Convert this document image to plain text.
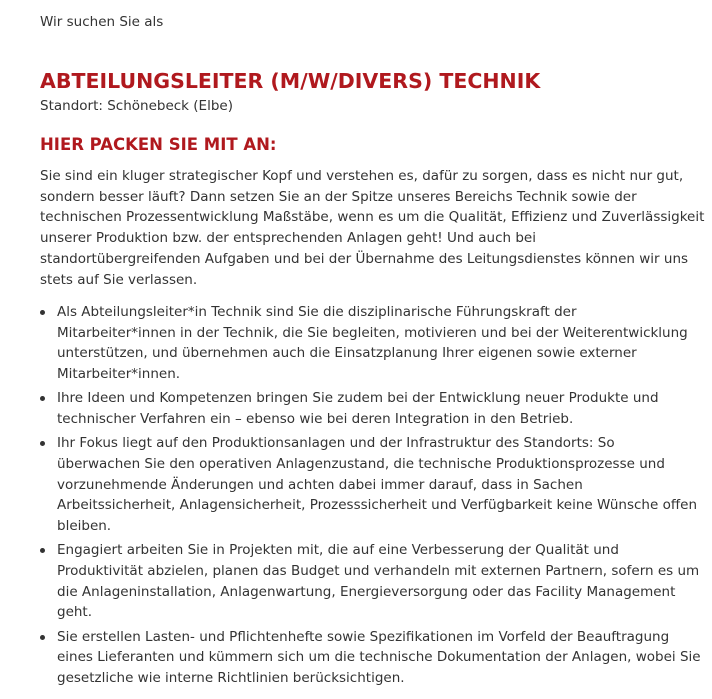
Wir suchen Sie als
ABTEILUNGSLEITER (M/W/DIVERS) TECHNIK
Standort: Schönebeck (Elbe)
HIER PACKEN SIE MIT AN:

Sie sind ein kluger strategischer Kopf und verstehen es, dafür zu sorgen, dass es nicht nur gut,
sondern besser läuft? Dann setzen Sie an der Spitze unseres Bereichs Technik sowie der
technischen Prozessentwicklung Maßstäbe, wenn es um die Qualität, Effizienz und Zuverlässigkeit
unserer Produktion bzw. der entsprechenden Anlagen geht! Und auch bei
standortübergreifenden Aufgaben und bei der Übernahme des Leitungsdienstes können wir uns
stets auf Sie verlassen.

Als Abteilungsleiter*in Technik sind Sie die disziplinarische Führungskraft der
Mitarbeiter*innen in der Technik, die Sie begleiten, motivieren und bei der Weiterentwicklung
unterstützen, und übernehmen auch die Einsatzplanung Ihrer eigenen sowie externer
Mitarbeiter*innen.
Ihre Ideen und Kompetenzen bringen Sie zudem bei der Entwicklung neuer Produkte und
technischer Verfahren ein – ebenso wie bei deren Integration in den Betrieb.
Ihr Fokus liegt auf den Produktionsanlagen und der Infrastruktur des Standorts: So
überwachen Sie den operativen Anlagenzustand, die technische Produktionsprozesse und
vorzunehmende Änderungen und achten dabei immer darauf, dass in Sachen
Arbeitssicherheit, Anlagensicherheit, Prozesssicherheit und Verfügbarkeit keine Wünsche offen
bleiben.
Engagiert arbeiten Sie in Projekten mit, die auf eine Verbesserung der Qualität und
Produktivität abzielen, planen das Budget und verhandeln mit externen Partnern, sofern es um
die Anlageninstallation, Anlagenwartung, Energieversorgung oder das Facility Management
geht.
Sie erstellen Lasten- und Pflichtenhefte sowie Spezifikationen im Vorfeld der Beauftragung
eines Lieferanten und kümmern sich um die technische Dokumentation der Anlagen, wobei Sie
gesetzliche wie interne Richtlinien berücksichtigen.
